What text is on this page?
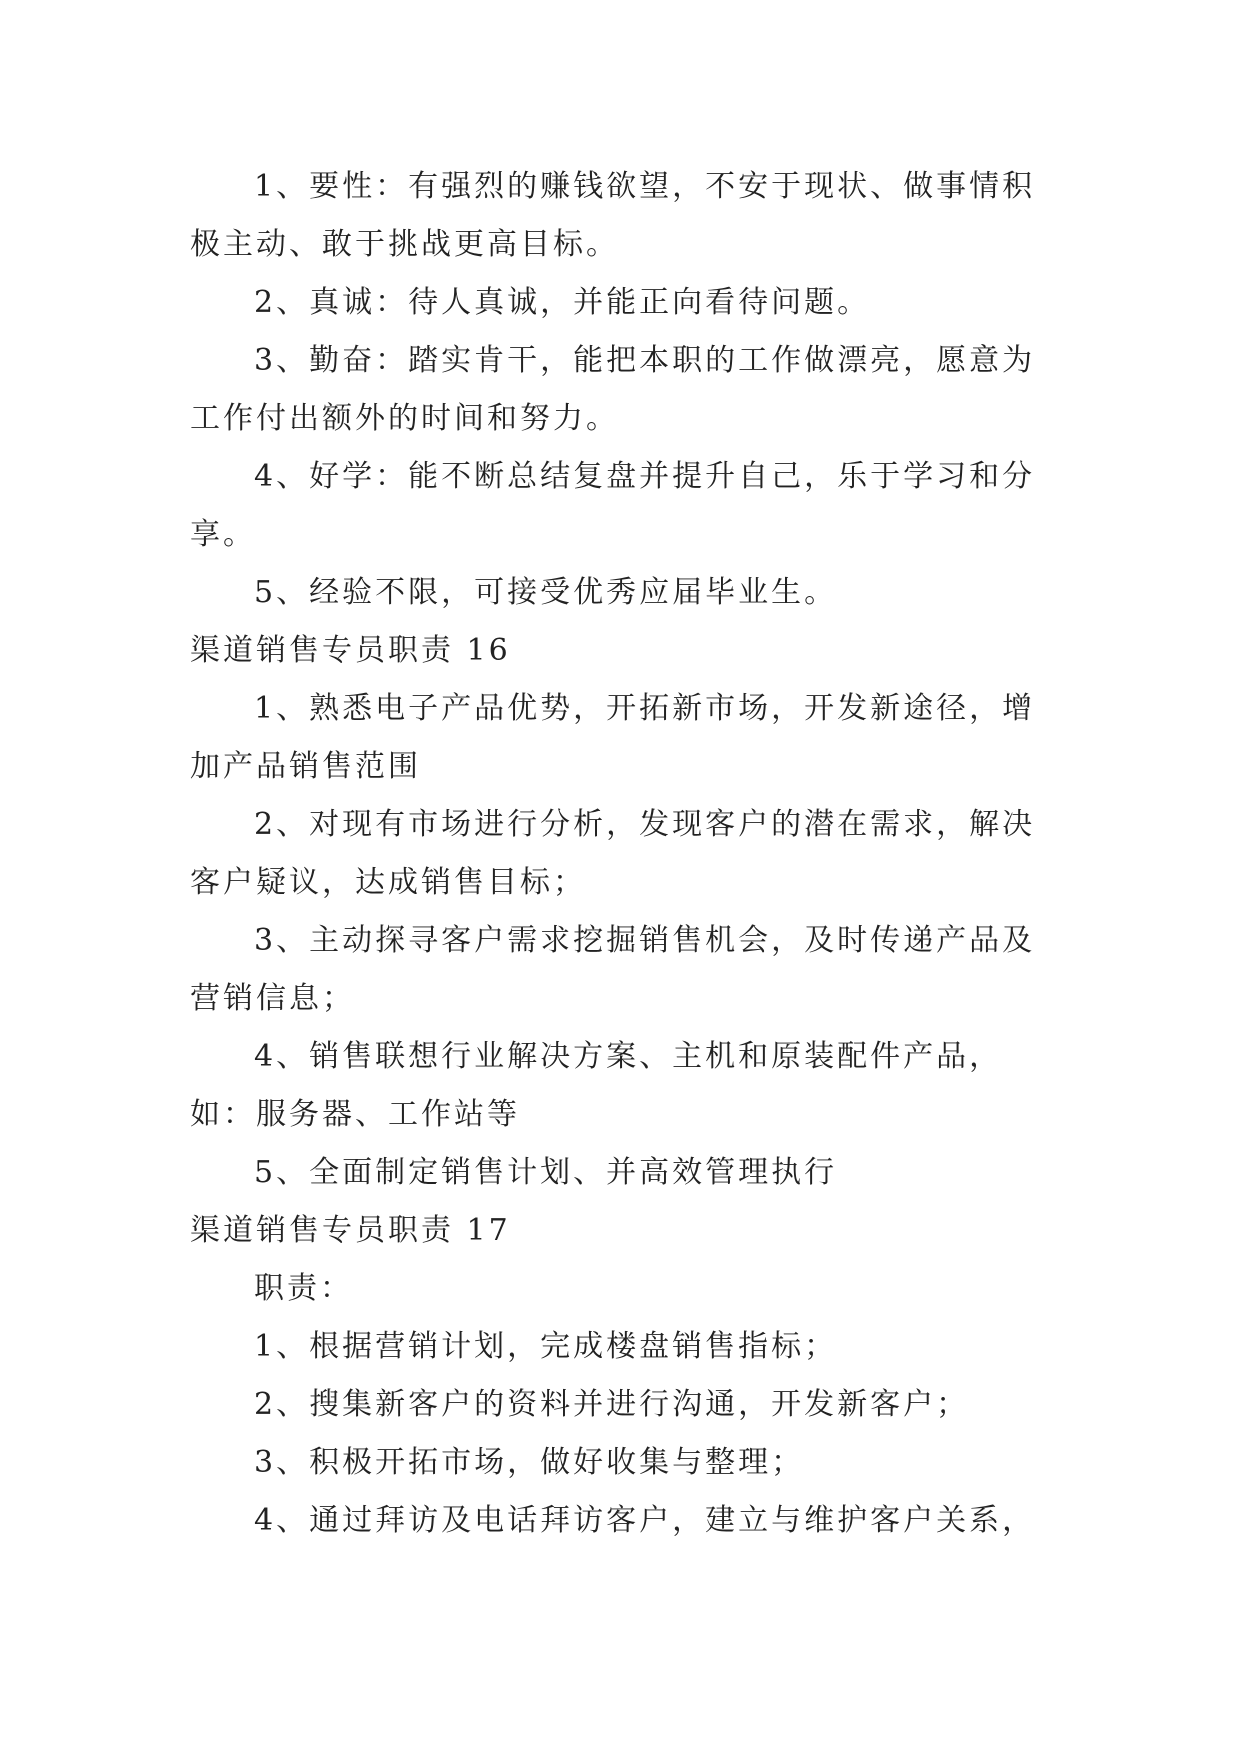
1、要性：有强烈的赚钱欲望，不安于现状、做事情积极主动、敢于挑战更高目标。

2、真诚：待人真诚，并能正向看待问题。

3、勤奋：踏实肯干，能把本职的工作做漂亮，愿意为工作付出额外的时间和努力。

4、好学：能不断总结复盘并提升自己，乐于学习和分享。

5、经验不限，可接受优秀应届毕业生。

渠道销售专员职责 16

1、熟悉电子产品优势，开拓新市场，开发新途径，增加产品销售范围

2、对现有市场进行分析，发现客户的潜在需求，解决客户疑议，达成销售目标；

3、主动探寻客户需求挖掘销售机会，及时传递产品及营销信息；

4、销售联想行业解决方案、主机和原装配件产品，如：服务器、工作站等

5、全面制定销售计划、并高效管理执行

渠道销售专员职责 17

职责：

1、根据营销计划，完成楼盘销售指标；

2、搜集新客户的资料并进行沟通，开发新客户；

3、积极开拓市场，做好收集与整理；

4、通过拜访及电话拜访客户，建立与维护客户关系，
